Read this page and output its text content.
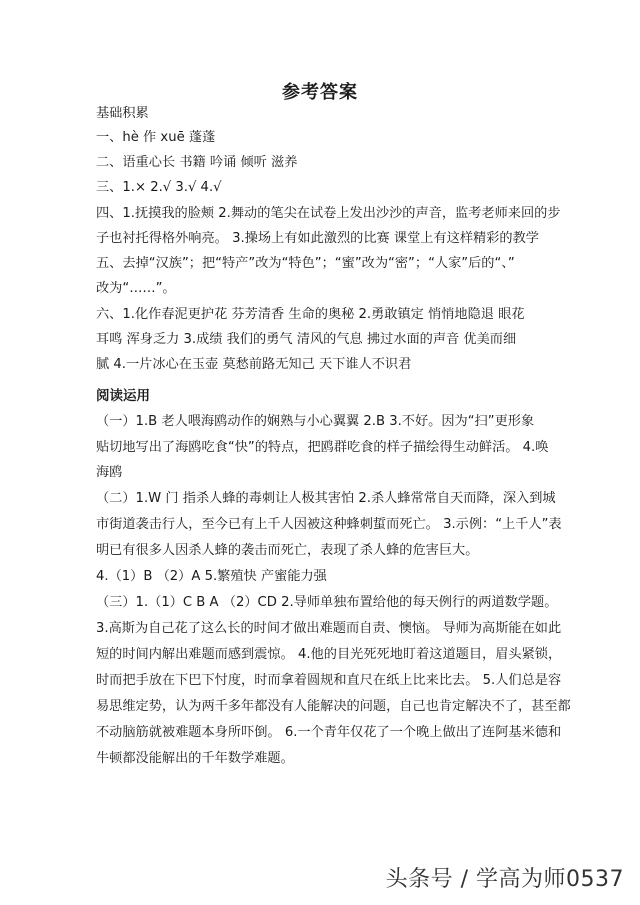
参考答案
基础积累
一、hè 作 xuē 蓬蓬
二、语重心长 书籍 吟诵 倾听 滋养
三、1.× 2.√ 3.√ 4.√
四、1.抚摸我的脸颊 2.舞动的笔尖在试卷上发出沙沙的声音，监考老师来回的步
子也衬托得格外响亮。 3.操场上有如此激烈的比赛 课堂上有这样精彩的教学
五、去掉“汉族”；把“特产”改为“特色”；“蜜”改为“密”；“人家”后的“、”
改为“……”。
六、1.化作春泥更护花 芬芳清香 生命的奥秘 2.勇敢镇定 悄悄地隐退 眼花
耳鸣 浑身乏力 3.成绩 我们的勇气 清风的气息 拂过水面的声音 优美而细
腻 4.一片冰心在玉壶 莫愁前路无知己 天下谁人不识君
阅读运用
（一）1.B 老人喂海鸥动作的娴熟与小心翼翼 2.B 3.不好。因为“扫”更形象
贴切地写出了海鸥吃食“快”的特点，把鸥群吃食的样子描绘得生动鲜活。 4.唤
海鸥
（二）1.W 门 指杀人蜂的毒刺让人极其害怕 2.杀人蜂常常自天而降，深入到城
市街道袭击行人，至今已有上千人因被这种蜂刺蜇而死亡。 3.示例：“上千人”表
明已有很多人因杀人蜂的袭击而死亡，表现了杀人蜂的危害巨大。
4.（1）B （2）A 5.繁殖快 产蜜能力强
（三）1.（1）C B A （2）CD 2.导师单独布置给他的每天例行的两道数学题。
3.高斯为自己花了这么长的时间才做出难题而自责、懊恼。 导师为高斯能在如此
短的时间内解出难题而感到震惊。 4.他的目光死死地盯着这道题目，眉头紧锁，
时而把手放在下巴下忖度，时而拿着圆规和直尺在纸上比来比去。 5.人们总是容
易思维定势，认为两千多年都没有人能解决的问题，自己也肯定解决不了，甚至都
不动脑筋就被难题本身所吓倒。 6.一个青年仅花了一个晚上做出了连阿基米德和
牛顿都没能解出的千年数学难题。
头条号 / 学高为师0537
